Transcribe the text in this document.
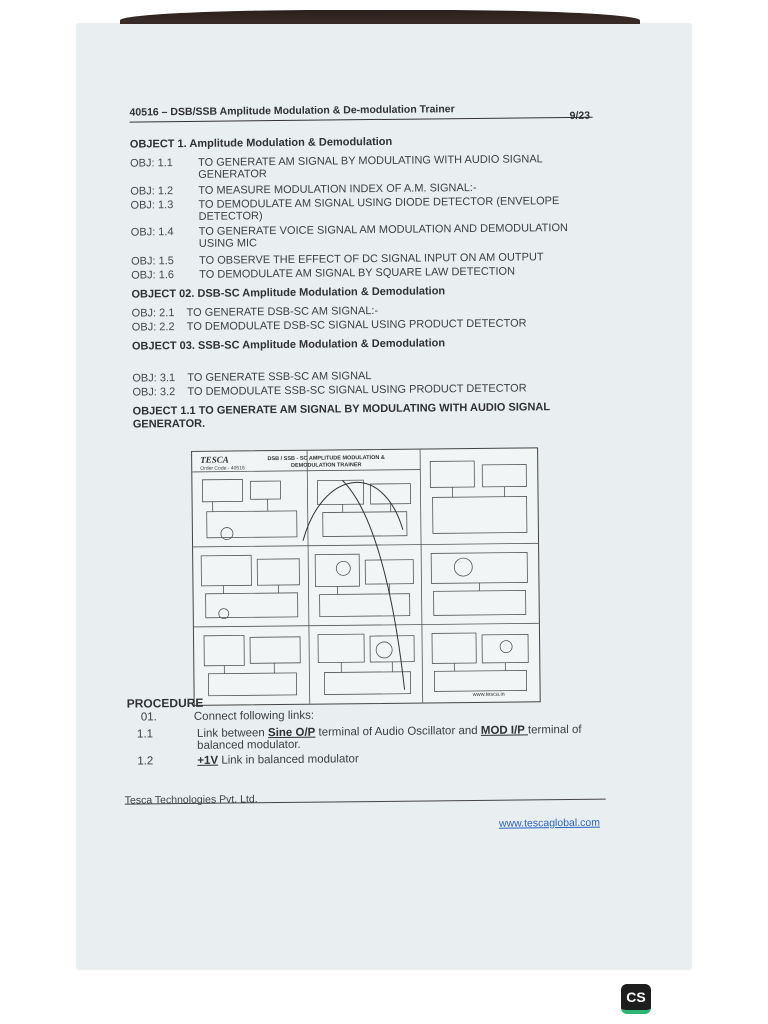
40516 – DSB/SSB Amplitude Modulation & De-modulation Trainer	9/23
OBJECT 1. Amplitude Modulation & Demodulation
OBJ: 1.1 TO GENERATE AM SIGNAL BY MODULATING WITH AUDIO SIGNAL GENERATOR
OBJ: 1.2 TO MEASURE MODULATION INDEX OF A.M. SIGNAL:-
OBJ: 1.3 TO DEMODULATE AM SIGNAL USING DIODE DETECTOR (ENVELOPE DETECTOR)
OBJ: 1.4 TO GENERATE VOICE SIGNAL AM MODULATION AND DEMODULATION USING MIC
OBJ: 1.5 TO OBSERVE THE EFFECT OF DC SIGNAL INPUT ON AM OUTPUT
OBJ: 1.6 TO DEMODULATE AM SIGNAL BY SQUARE LAW DETECTION
OBJECT 02. DSB-SC Amplitude Modulation & Demodulation
OBJ: 2.1 TO GENERATE DSB-SC AM SIGNAL:-
OBJ: 2.2 TO DEMODULATE DSB-SC SIGNAL USING PRODUCT DETECTOR
OBJECT 03. SSB-SC Amplitude Modulation & Demodulation
OBJ: 3.1 TO GENERATE SSB-SC AM SIGNAL
OBJ: 3.2 TO DEMODULATE SSB-SC SIGNAL USING PRODUCT DETECTOR
OBJECT 1.1 TO GENERATE AM SIGNAL BY MODULATING WITH AUDIO SIGNAL GENERATOR.
TESCA
Order Code - 40516
DSB / SSB - SC AMPLITUDE MODULATION & DEMODULATION TRAINER
www.tesca.in
PROCEDURE
01.	Connect following links:
1.1	Link between Sine O/P terminal of Audio Oscillator and MOD I/P terminal of balanced modulator.
1.2	+1V Link in balanced modulator
Tesca Technologies Pvt. Ltd.
www.tescaglobal.com
CS
